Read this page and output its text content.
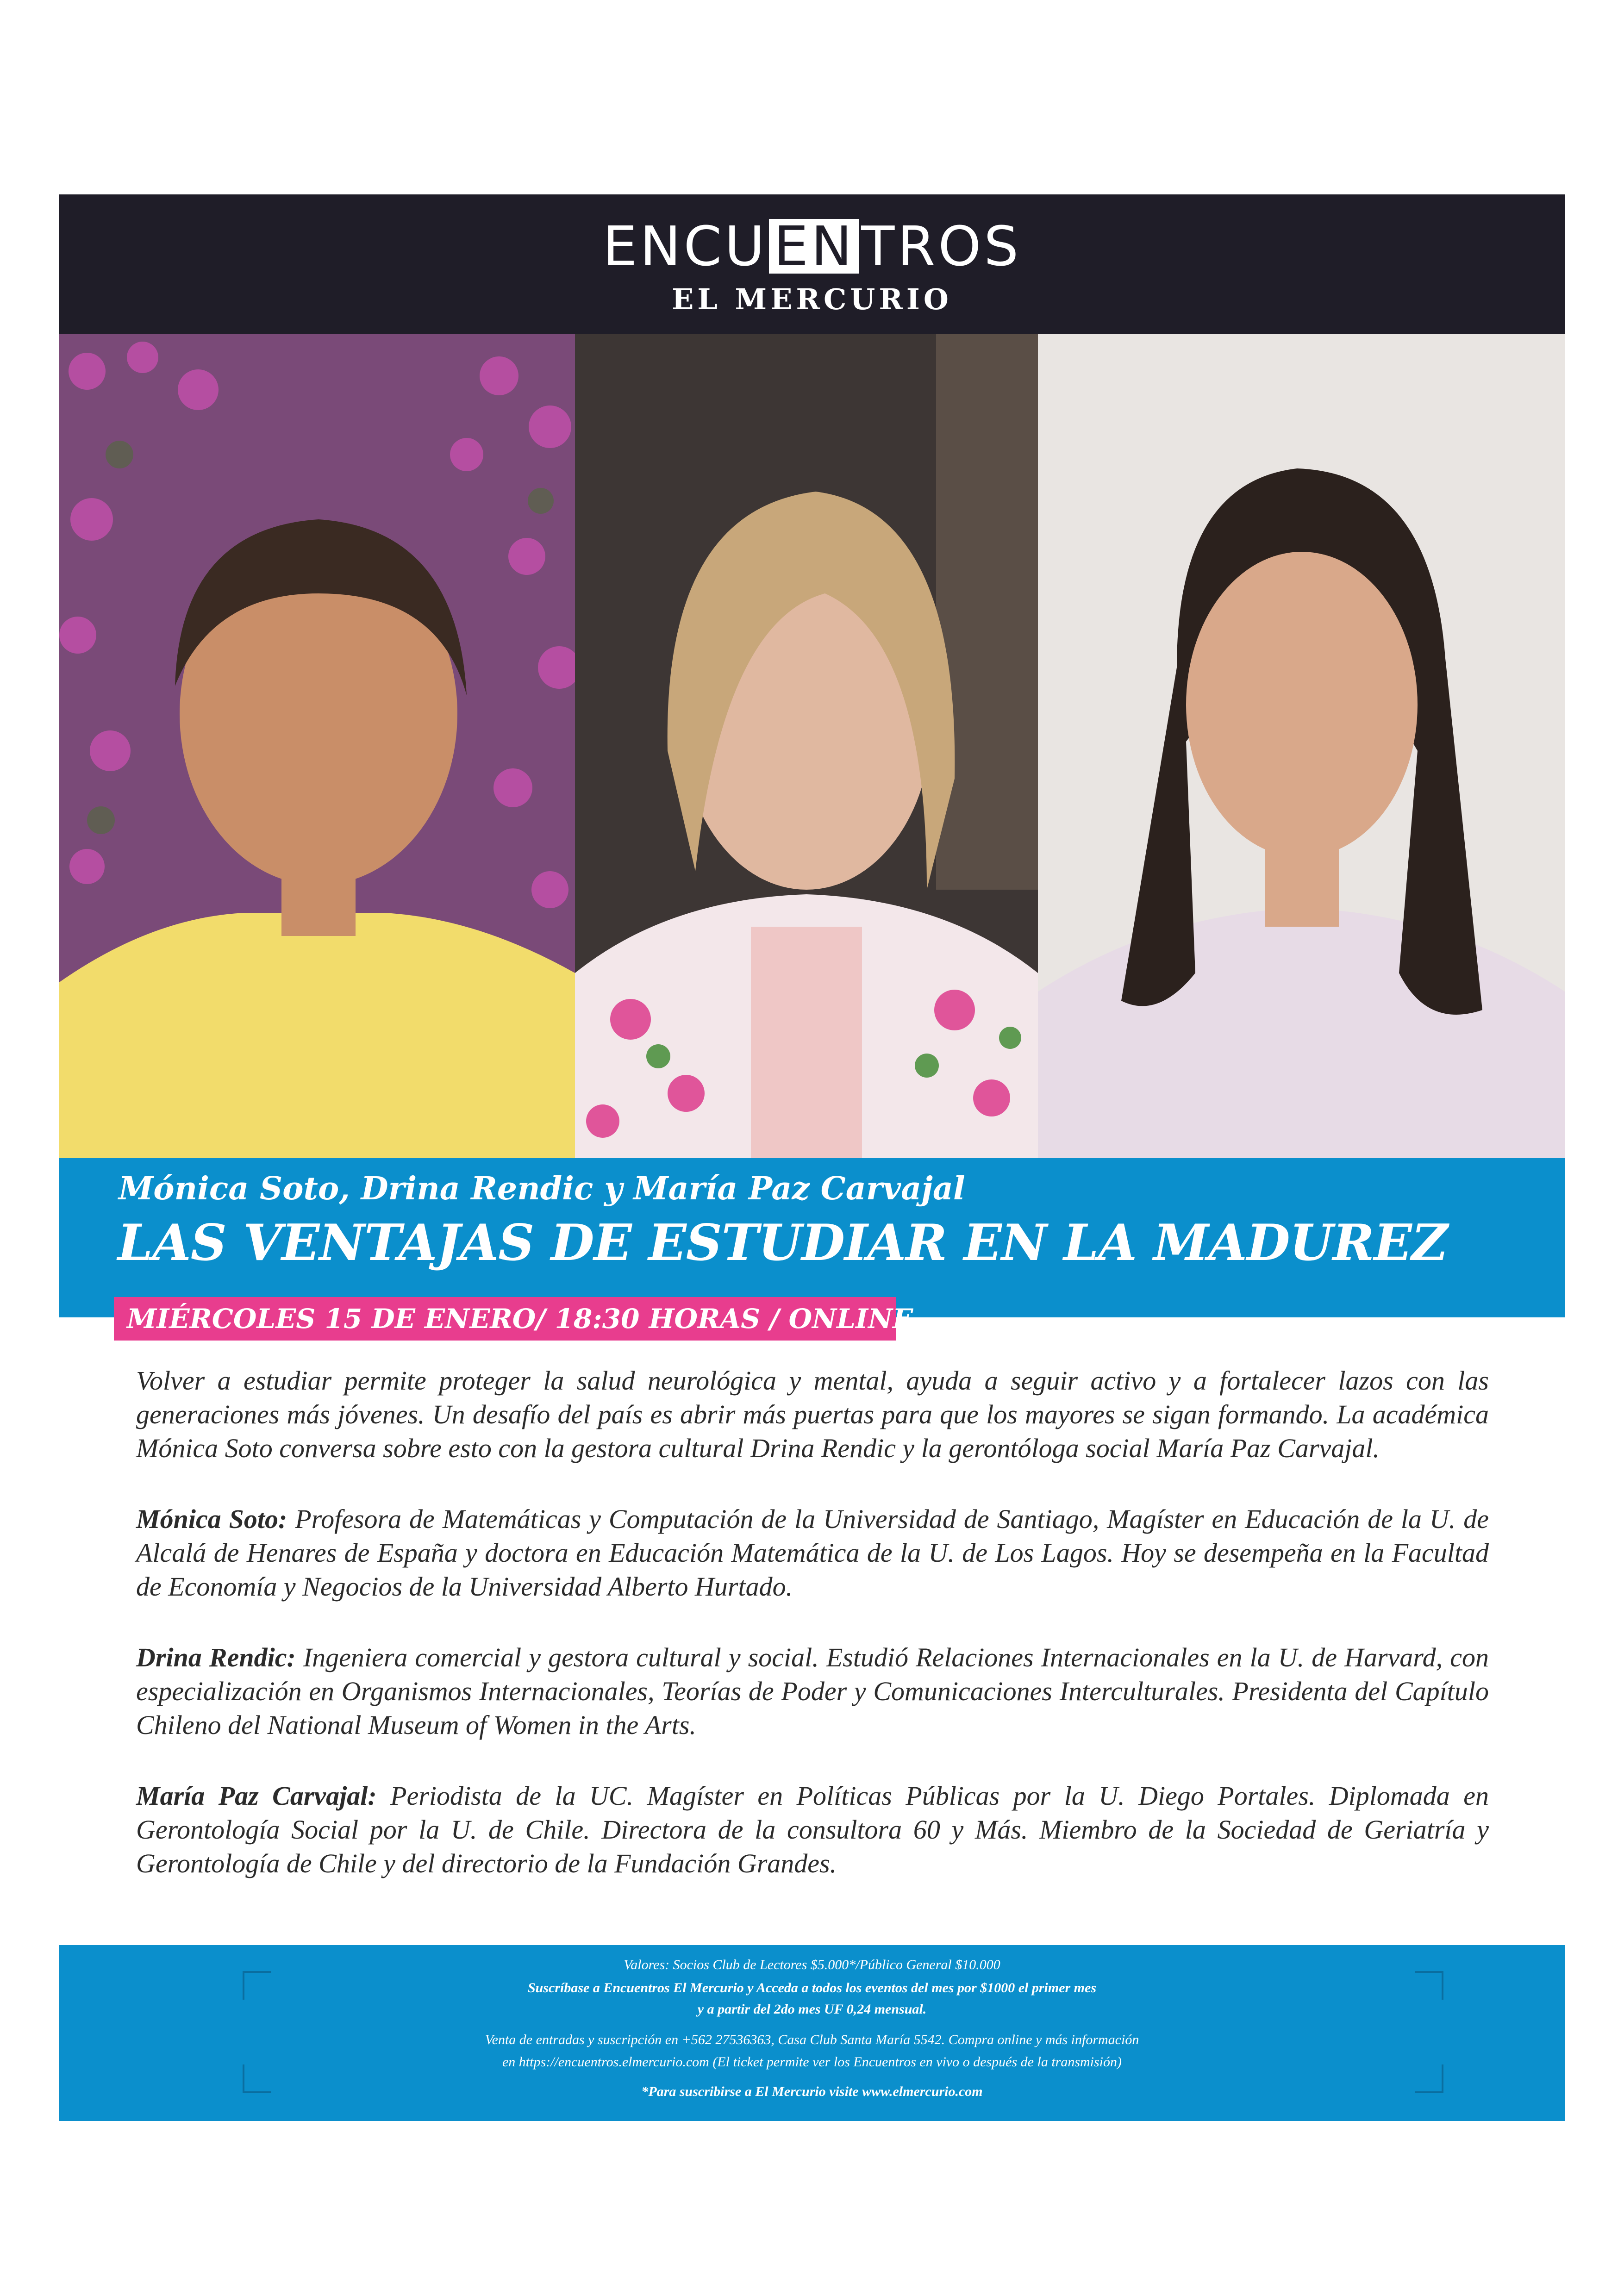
ENCU EN TROS
EL MERCURIO
Mónica Soto, Drina Rendic y María Paz Carvajal
LAS VENTAJAS DE ESTUDIAR EN LA MADUREZ
MIÉRCOLES 15 DE ENERO/ 18:30 HORAS / ONLINE

Volver a estudiar permite proteger la salud neurológica y mental, ayuda a seguir activo y a fortalecer lazos con las generaciones más jóvenes. Un desafío del país es abrir más puertas para que los mayores se sigan formando. La académica Mónica Soto conversa sobre esto con la gestora cultural Drina Rendic y la gerontóloga social María Paz Carvajal.

Mónica Soto: Profesora de Matemáticas y Computación de la Universidad de Santiago, Magíster en Educación de la U. de Alcalá de Henares de España y doctora en Educación Matemática de la U. de Los Lagos. Hoy se desempeña en la Facultad de Economía y Negocios de la Universidad Alberto Hurtado.

Drina Rendic: Ingeniera comercial y gestora cultural y social. Estudió Relaciones Internacionales en la U. de Harvard, con especialización en Organismos Internacionales, Teorías de Poder y Comunicaciones Interculturales. Presidenta del Capítulo Chileno del National Museum of Women in the Arts.

María Paz Carvajal: Periodista de la UC. Magíster en Políticas Públicas por la U. Diego Portales. Diplomada en Gerontología Social por la U. de Chile. Directora de la consultora 60 y Más. Miembro de la Sociedad de Geriatría y Gerontología de Chile y del directorio de la Fundación Grandes.

Valores: Socios Club de Lectores $5.000*/Público General $10.000
Suscríbase a Encuentros El Mercurio y Acceda a todos los eventos del mes por $1000 el primer mes
y a partir del 2do mes UF 0,24 mensual.
Venta de entradas y suscripción en +562 27536363, Casa Club Santa María 5542. Compra online y más información
en https://encuentros.elmercurio.com (El ticket permite ver los Encuentros en vivo o después de la transmisión)
*Para suscribirse a El Mercurio visite www.elmercurio.com
